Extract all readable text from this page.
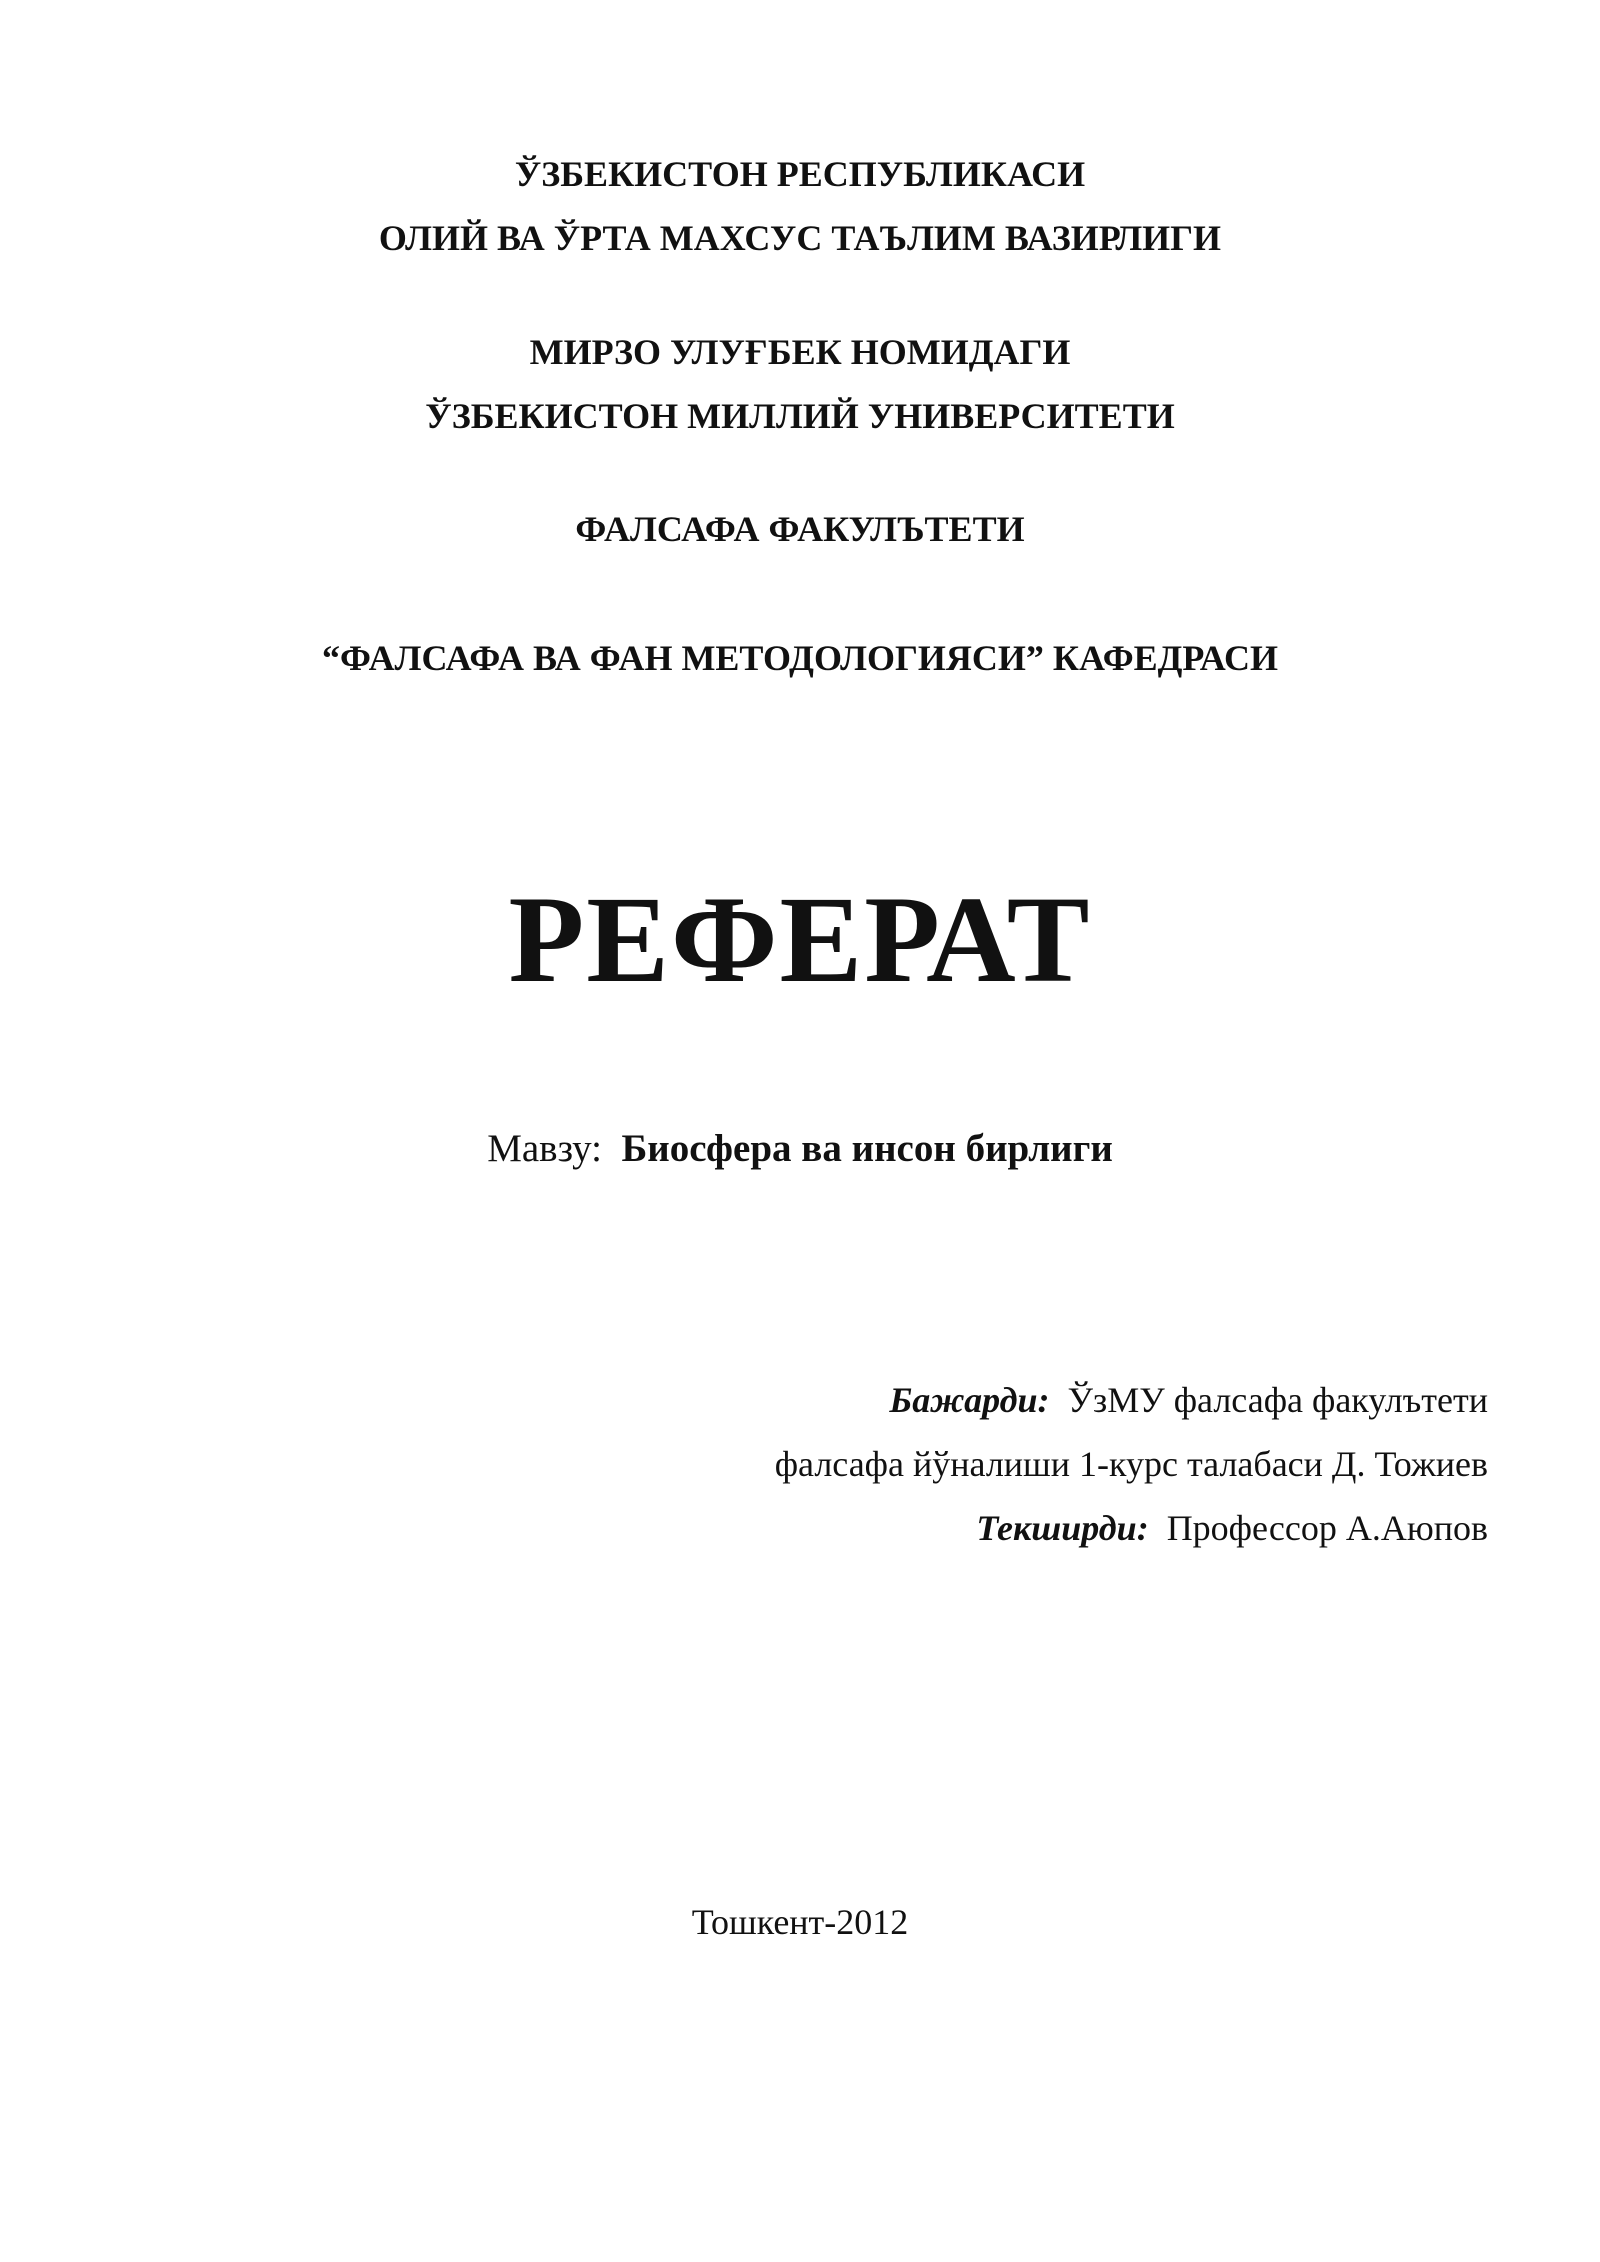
ЎЗБЕКИСТОН РЕСПУБЛИКАСИ
ОЛИЙ ВА ЎРТА МАХСУС ТАЪЛИМ ВАЗИРЛИГИ
МИРЗО УЛУҒБЕК НОМИДАГИ
ЎЗБЕКИСТОН МИЛЛИЙ УНИВЕРСИТЕТИ
ФАЛСАФА ФАКУЛЪТЕТИ
“ФАЛСАФА ВА ФАН МЕТОДОЛОГИЯСИ” КАФЕДРАСИ
РЕФЕРАТ
Мавзу: Биосфера ва инсон бирлиги
Бажарди: ЎзМУ фалсафа факулътети
фалсафа йўналиши 1-курс талабаси Д. Тожиев
Текширди: Профессор А.Аюпов
Тошкент-2012
